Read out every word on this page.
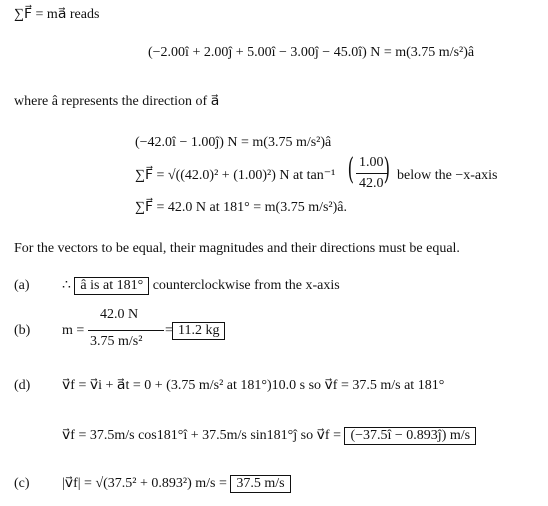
∑F⃗ = ma⃗ reads
(−2.00î + 2.00ĵ + 5.00î − 3.00ĵ − 45.0î) N = m(3.75 m/s²)â
where â represents the direction of a⃗
(−42.0î − 1.00ĵ) N = m(3.75 m/s²)â
∑F⃗ = √((42.0)² + (1.00)²) N at tan⁻¹ ( 1.00
42.0 ) below the −x-axis
∑F⃗ = 42.0 N at 181° = m(3.75 m/s²)â.
For the vectors to be equal, their magnitudes and their directions must be equal.
(a) ∴ â is at 181° counterclockwise from the x-axis
(b) m =
42.0 N
3.75 m/s²
= 11.2 kg
(d) v⃗f = v⃗i + a⃗t = 0 + (3.75 m/s² at 181°)10.0 s so v⃗f = 37.5 m/s at 181°
v⃗f = 37.5m/s cos181°î + 37.5m/s sin181°ĵ so v⃗f = (−37.5î − 0.893ĵ) m/s
(c) |v⃗f| = √(37.5² + 0.893²) m/s = 37.5 m/s
